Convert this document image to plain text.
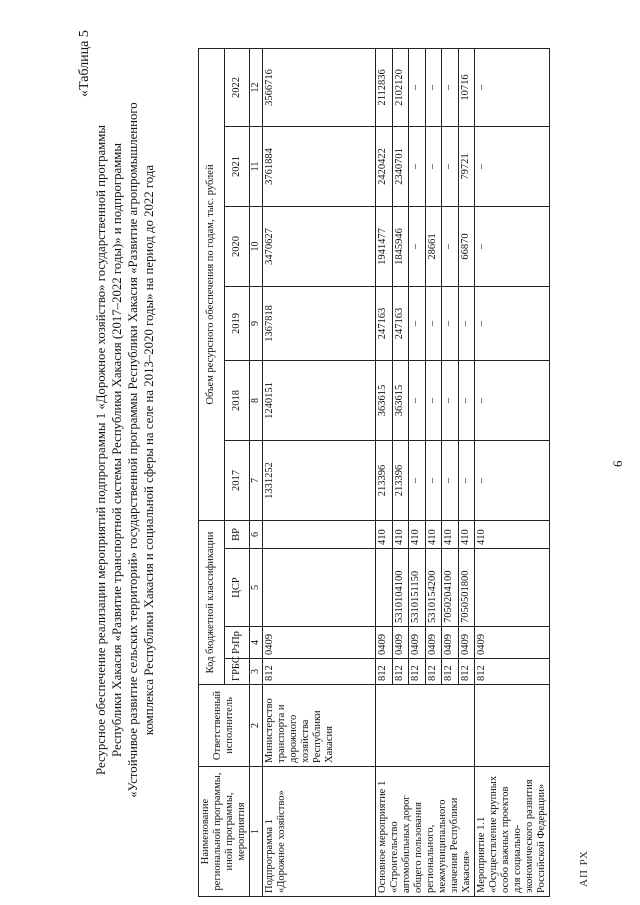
6
«Таблица 5
Ресурсное обеспечение реализации мероприятий подпрограммы 1 «Дорожное хозяйство» государственной программы Республики Хакасия «Развитие транспортной системы Республики Хакасия (2017–2022 годы)» и подпрограммы «Устойчивое развитие сельских территорий» государственной программы Республики Хакасия «Развитие агропромышленного комплекса Республики Хакасия и социальной сферы на селе на 2013–2020 годы» на период до 2022 года
Наименование региональной программы, иной программы, мероприятия	Ответственный исполнитель	Код бюджетной классификации				Объем ресурсного обеспечения по годам, тыс. рублей					
		ГРБС	РзПр	ЦСР	ВР	2017	2018	2019	2020	2021	2022
1	2	3	4	5	6	7	8	9	10	11	12
Подпрограмма 1 «Дорожное хозяйство»	Министерство транспорта и дорожного хозяйства Республики Хакасия	812	0409			1331252	1240151	1367818	3470627	3761884	3566716
Основное мероприятие 1 «Строительство автомобильных дорог общего пользования регионального, межмуниципального значения Республики Хакасия»		812	0409		410	213396	363615	247163	1941477	2420422	2112836
		812	0409	5310104100	410	213396	363615	247163	1845946	2340701	2102120
		812	0409	5310151150	410	–	–	–	–	–	–
		812	0409	5310154200	410	–	–	–	28661	–	–
		812	0409	7050204100	410	–	–	–	–	–	–
		812	0409	7050501800	410	–	–	–	66870	79721	10716
Мероприятие 1.1 «Осуществление крупных особо важных проектов для социально-экономического развития Российской Федерации»		812	0409		410	–	–	–	–	–	–
АП РХ
